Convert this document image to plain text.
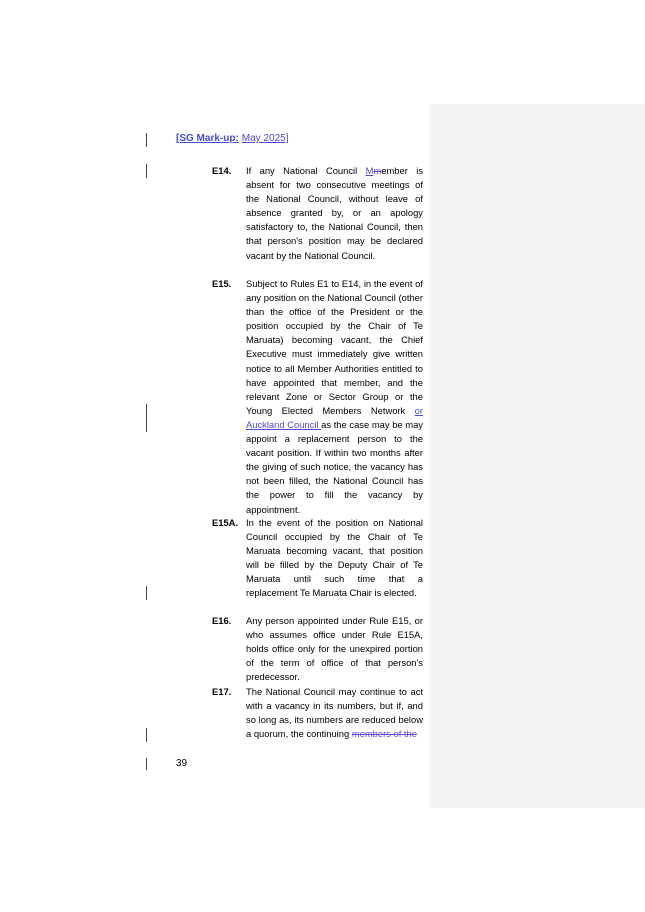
[SG Mark-up: May 2025]
E14. If any National Council Mmember is absent for two consecutive meetings of the National Council, without leave of absence granted by, or an apology satisfactory to, the National Council, then that person's position may be declared vacant by the National Council.
E15. Subject to Rules E1 to E14, in the event of any position on the National Council (other than the office of the President or the position occupied by the Chair of Te Maruata) becoming vacant, the Chief Executive must immediately give written notice to all Member Authorities entitled to have appointed that member, and the relevant Zone or Sector Group or the Young Elected Members Network or Auckland Council as the case may be may appoint a replacement person to the vacant position. If within two months after the giving of such notice, the vacancy has not been filled, the National Council has the power to fill the vacancy by appointment.
E15A. In the event of the position on National Council occupied by the Chair of Te Maruata becoming vacant, that position will be filled by the Deputy Chair of Te Maruata until such time that a replacement Te Maruata Chair is elected.
E16. Any person appointed under Rule E15, or who assumes office under Rule E15A, holds office only for the unexpired portion of the term of office of that person's predecessor.
E17. The National Council may continue to act with a vacancy in its numbers, but if, and so long as, its numbers are reduced below a quorum, the continuing members of the
39
